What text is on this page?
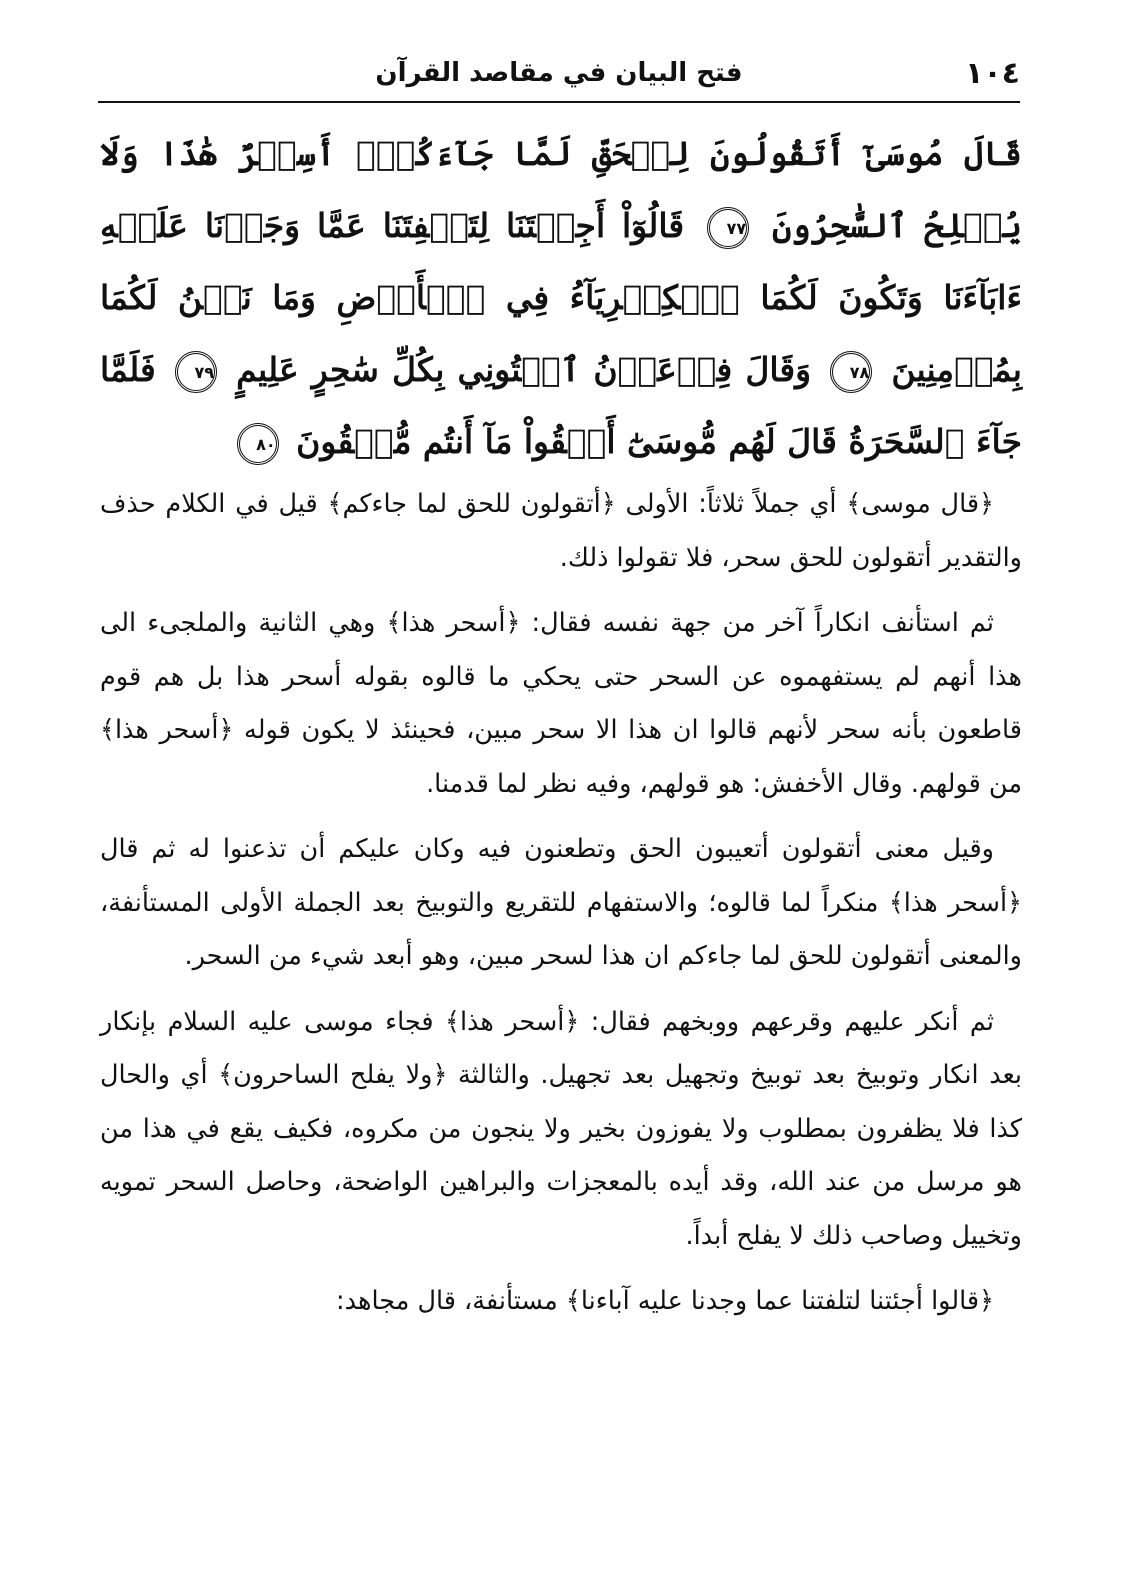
١٠٤
فتح البيان في مقاصد القرآن
قَالَ مُوسَىٰٓ أَتَقُولُونَ لِلۡحَقِّ لَمَّا جَآءَكُمۡۖ أَسِحۡرٌ هَٰذَا وَلَا يُفۡلِحُ ٱلسَّٰحِرُونَ ٧٧ قَالُوٓاْ أَجِئۡتَنَا لِتَلۡفِتَنَا عَمَّا وَجَدۡنَا عَلَيۡهِ ءَابَآءَنَا وَتَكُونَ لَكُمَا ٱلۡكِبۡرِيَآءُ فِي ٱلۡأَرۡضِ وَمَا نَحۡنُ لَكُمَا بِمُؤۡمِنِينَ ٧٨ وَقَالَ فِرۡعَوۡنُ ٱئۡتُونِي بِكُلِّ سَٰحِرٍ عَلِيمٍ ٧٩ فَلَمَّا جَآءَ ٱلسَّحَرَةُ قَالَ لَهُم مُّوسَىٰٓ أَلۡقُواْ مَآ أَنتُم مُّلۡقُونَ ٨٠

﴿قال موسى﴾ أي جملاً ثلاثاً: الأولى ﴿أتقولون للحق لما جاءكم﴾ قيل في الكلام حذف والتقدير أتقولون للحق سحر، فلا تقولوا ذلك.

ثم استأنف انكاراً آخر من جهة نفسه فقال: ﴿أسحر هذا﴾ وهي الثانية والملجىء الى هذا أنهم لم يستفهموه عن السحر حتى يحكي ما قالوه بقوله أسحر هذا بل هم قوم قاطعون بأنه سحر لأنهم قالوا ان هذا الا سحر مبين، فحينئذ لا يكون قوله ﴿أسحر هذا﴾ من قولهم. وقال الأخفش: هو قولهم، وفيه نظر لما قدمنا.

وقيل معنى أتقولون أتعيبون الحق وتطعنون فيه وكان عليكم أن تذعنوا له ثم قال ﴿أسحر هذا﴾ منكراً لما قالوه؛ والاستفهام للتقريع والتوبيخ بعد الجملة الأولى المستأنفة، والمعنى أتقولون للحق لما جاءكم ان هذا لسحر مبين، وهو أبعد شيء من السحر.

ثم أنكر عليهم وقرعهم ووبخهم فقال: ﴿أسحر هذا﴾ فجاء موسى عليه السلام بإنكار بعد انكار وتوبيخ بعد توبيخ وتجهيل بعد تجهيل. والثالثة ﴿ولا يفلح الساحرون﴾ أي والحال كذا فلا يظفرون بمطلوب ولا يفوزون بخير ولا ينجون من مكروه، فكيف يقع في هذا من هو مرسل من عند الله، وقد أيده بالمعجزات والبراهين الواضحة، وحاصل السحر تمويه وتخييل وصاحب ذلك لا يفلح أبداً.

﴿قالوا أجئتنا لتلفتنا عما وجدنا عليه آباءنا﴾ مستأنفة، قال مجاهد:
